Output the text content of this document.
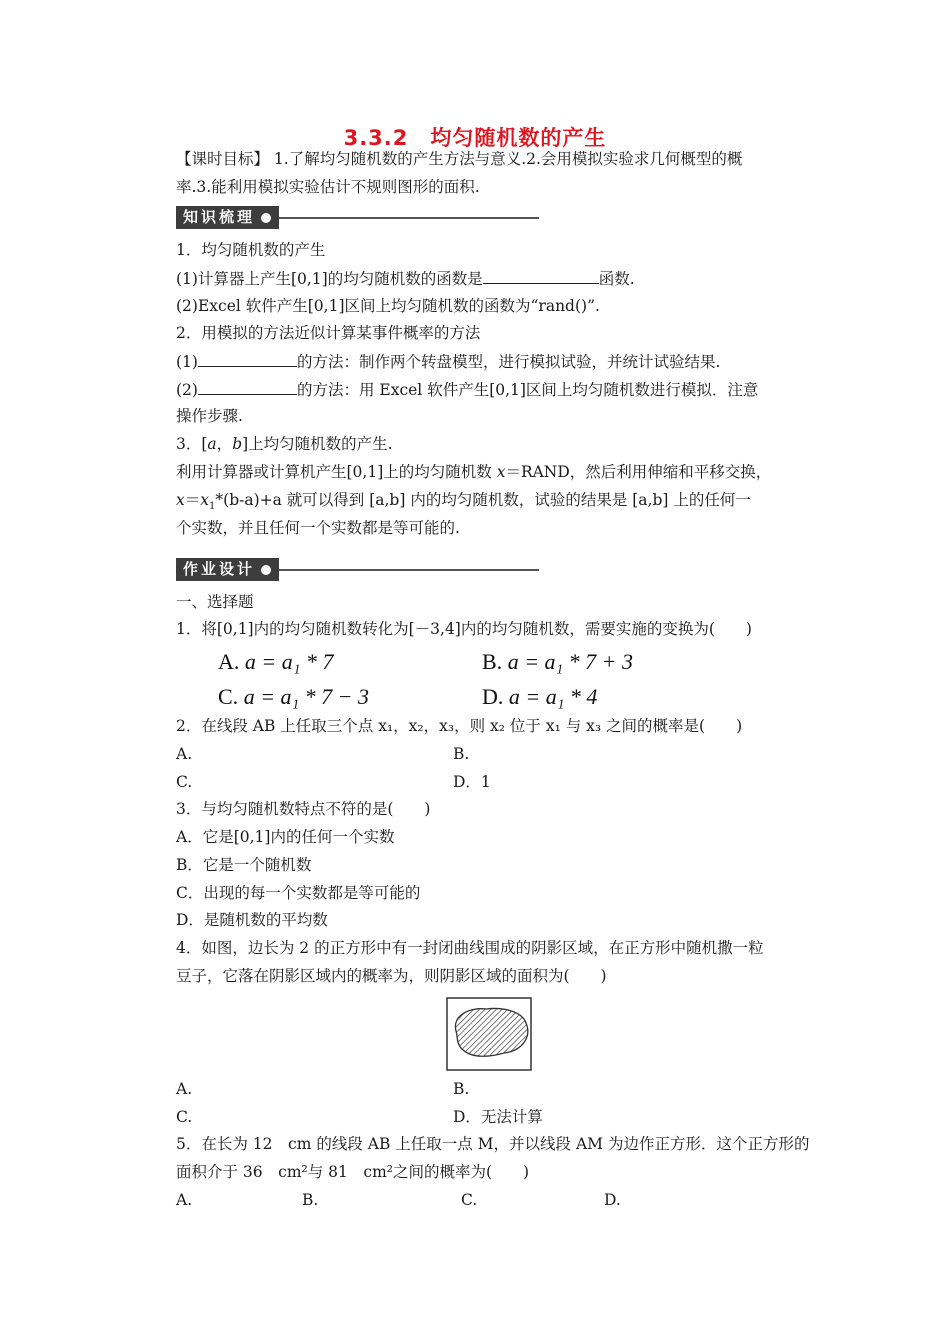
3.3.2　均匀随机数的产生
【课时目标】 1.了解均匀随机数的产生方法与意义.2.会用模拟实验求几何概型的概
率.3.能利用模拟实验估计不规则图形的面积.
知识梳理
1．均匀随机数的产生
(1)计算器上产生[0,1]的均匀随机数的函数是	函数.
(2)Excel 软件产生[0,1]区间上均匀随机数的函数为“rand()”.
2．用模拟的方法近似计算某事件概率的方法
(1)	的方法：制作两个转盘模型，进行模拟试验，并统计试验结果.
(2)	的方法：用 Excel 软件产生[0,1]区间上均匀随机数进行模拟．注意
操作步骤.
3．[a，b]上均匀随机数的产生.
利用计算器或计算机产生[0,1]上的均匀随机数 x＝RAND，然后利用伸缩和平移交换，
$x=x_1*(b-a)+a$ 就可以得到 [a,b] 内的均匀随机数，试验的结果是 [a,b] 上的任何一
个实数，并且任何一个实数都是等可能的.
作业设计
一、选择题
1．将[0,1]内的均匀随机数转化为[－3,4]内的均匀随机数，需要实施的变换为(　　)
A. a = a₁ * 7	B. a = a₁ * 7 + 3
C. a = a₁ * 7 − 3	D. a = a₁ * 4
2．在线段 AB 上任取三个点 x₁，x₂，x₃，则 x₂ 位于 x₁ 与 x₃ 之间的概率是(　　)
A.	B.
C.	D．1
3．与均匀随机数特点不符的是(　　)
A．它是[0,1]内的任何一个实数
B．它是一个随机数
C．出现的每一个实数都是等可能的
D．是随机数的平均数
4．如图，边长为 2 的正方形中有一封闭曲线围成的阴影区域，在正方形中随机撒一粒
豆子，它落在阴影区域内的概率为，则阴影区域的面积为(　　)
A.	B.
C.	D．无法计算
5．在长为 12　cm 的线段 AB 上任取一点 M，并以线段 AM 为边作正方形．这个正方形的
面积介于 36　cm²与 81　cm²之间的概率为(　　)
A.	B.	C.	D.
